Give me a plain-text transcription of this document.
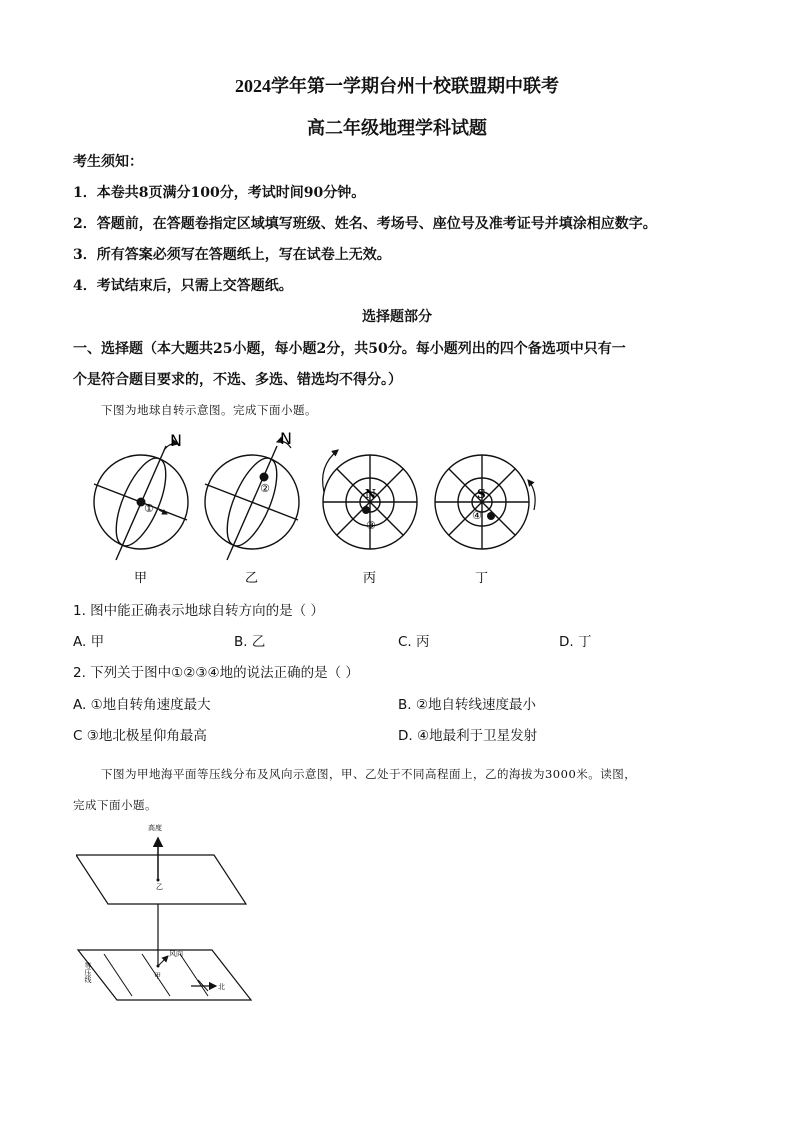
2024学年第一学期台州十校联盟期中联考
高二年级地理学科试题
考生须知：
1．本卷共8页满分100分，考试时间90分钟。
2．答题前，在答题卷指定区域填写班级、姓名、考场号、座位号及准考证号并填涂相应数字。
3．所有答案必须写在答题纸上，写在试卷上无效。
4．考试结束后，只需上交答题纸。
选择题部分
一、选择题（本大题共25小题，每小题2分，共50分。每小题列出的四个备选项中只有一
个是符合题目要求的，不选、多选、错选均不得分。）
下图为地球自转示意图。完成下面小题。
N
①
N
②	N
③
S
④
甲	乙	丙	丁
1. 图中能正确表示地球自转方向的是（ ）
A. 甲	B. 乙	C. 丙	D. 丁
2. 下列关于图中①②③④地的说法正确的是（ ）
A. ①地自转角速度最大	B. ②地自转线速度最小
C ③地北极星仰角最高	D. ④地最利于卫星发射
下图为甲地海平面等压线分布及风向示意图，甲、乙处于不同高程面上，乙的海拔为3000米。读图，
完成下面小题。
高度
乙
等压线	甲
风向
北
